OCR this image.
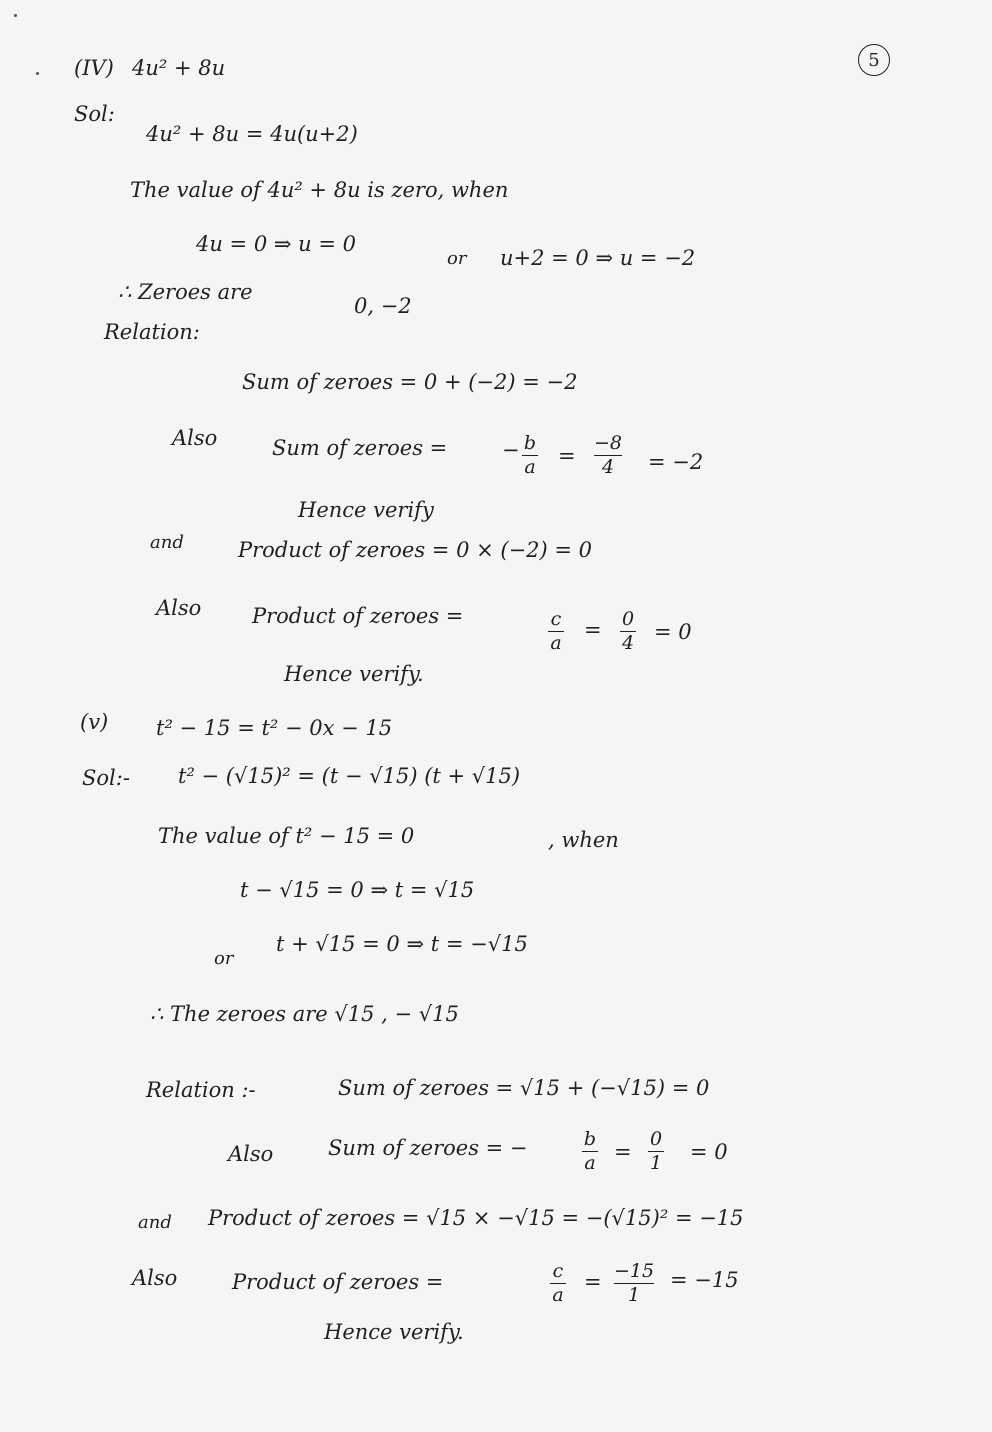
5
(IV) 4u² + 8u
Sol:
4u² + 8u = 4u(u+2)
The value of 4u² + 8u is zero, when
4u = 0 ⇒ u = 0
or u+2 = 0 ⇒ u = −2
∴ Zeroes are
0, −2
Relation:
Sum of zeroes = 0 + (−2) = −2
Also	Sum of zeroes =	− b
a =
−8
4 = −2
Hence verify
and	Product of zeroes = 0 × (−2) = 0
Also Product of zeroes =	c
a
= 0
4 = 0
Hence verify.
(v) t² − 15 = t² − 0x − 15
Sol:- t² − (√15)² = (t − √15) (t + √15)
The value of t² − 15 = 0	, when
t − √15 = 0 ⇒ t = √15
or
t + √15 = 0 ⇒ t = −√15
∴ The zeroes are √15 , − √15
Relation :-	Sum of zeroes = √15 + (−√15) = 0
Also	Sum of zeroes = −	b
a =
0
1 = 0
and Product of zeroes = √15 × −√15 = −(√15)² = −15
Also	Product of zeroes =	c
a
= −15
1
= −15
Hence verify.
